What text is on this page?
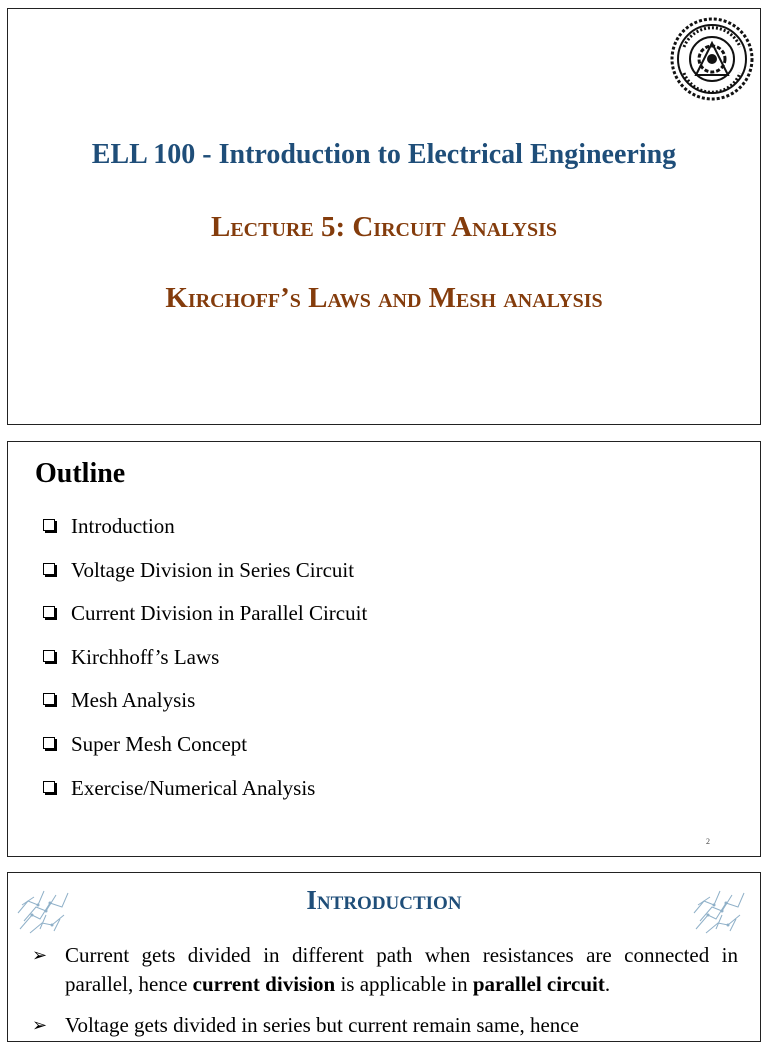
ELL 100 - Introduction to Electrical Engineering
Lecture 5: Circuit Analysis
Kirchoff’s Laws and Mesh analysis
Outline
Introduction
Voltage Division in Series Circuit
Current Division in Parallel Circuit
Kirchhoff’s Laws
Mesh Analysis
Super Mesh Concept
Exercise/Numerical Analysis
2
Introduction
➢ Current gets divided in different path when resistances are connected in parallel, hence current division is applicable in parallel circuit.
➢ Voltage gets divided in series but current remain same, hence
